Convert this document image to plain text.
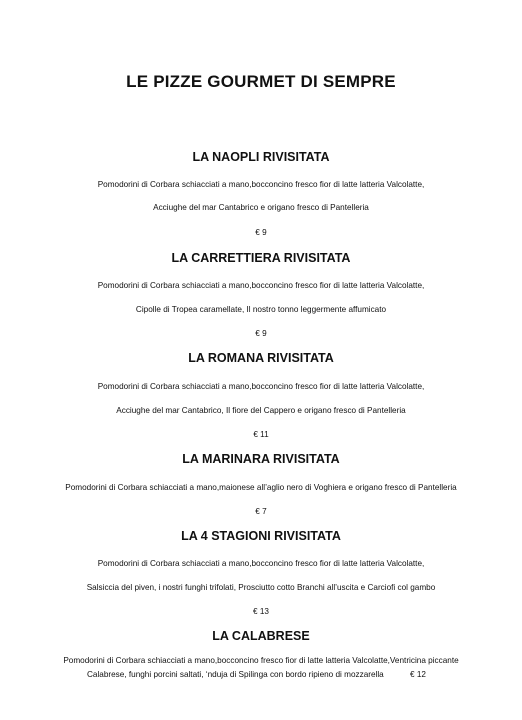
LE PIZZE GOURMET DI SEMPRE
LA NAOPLI RIVISITATA
Pomodorini di Corbara schiacciati a mano,bocconcino fresco fior di latte latteria Valcolatte,
Acciughe del mar Cantabrico e origano fresco di Pantelleria
€ 9
LA CARRETTIERA RIVISITATA
Pomodorini di Corbara schiacciati a mano,bocconcino fresco fior di latte latteria Valcolatte,
Cipolle di Tropea caramellate, Il nostro tonno leggermente affumicato
€ 9
LA ROMANA RIVISITATA
Pomodorini di Corbara schiacciati a mano,bocconcino fresco fior di latte latteria Valcolatte,
Acciughe del mar Cantabrico, Il fiore del Cappero e origano fresco di Pantelleria
€ 11
LA MARINARA RIVISITATA
Pomodorini di Corbara schiacciati a mano,maionese all’aglio nero di Voghiera e origano fresco di Pantelleria
€ 7
LA 4 STAGIONI RIVISITATA
Pomodorini di Corbara schiacciati a mano,bocconcino fresco fior di latte latteria Valcolatte,
Salsiccia del piven, i nostri funghi trifolati, Prosciutto cotto Branchi all’uscita e Carciofi col gambo
€ 13
LA CALABRESE
Pomodorini di Corbara schiacciati a mano,bocconcino fresco fior di latte latteria Valcolatte,Ventricina piccante
Calabrese, funghi porcini saltati, ‘nduja di Spilinga con bordo ripieno di mozzarella	€ 12
